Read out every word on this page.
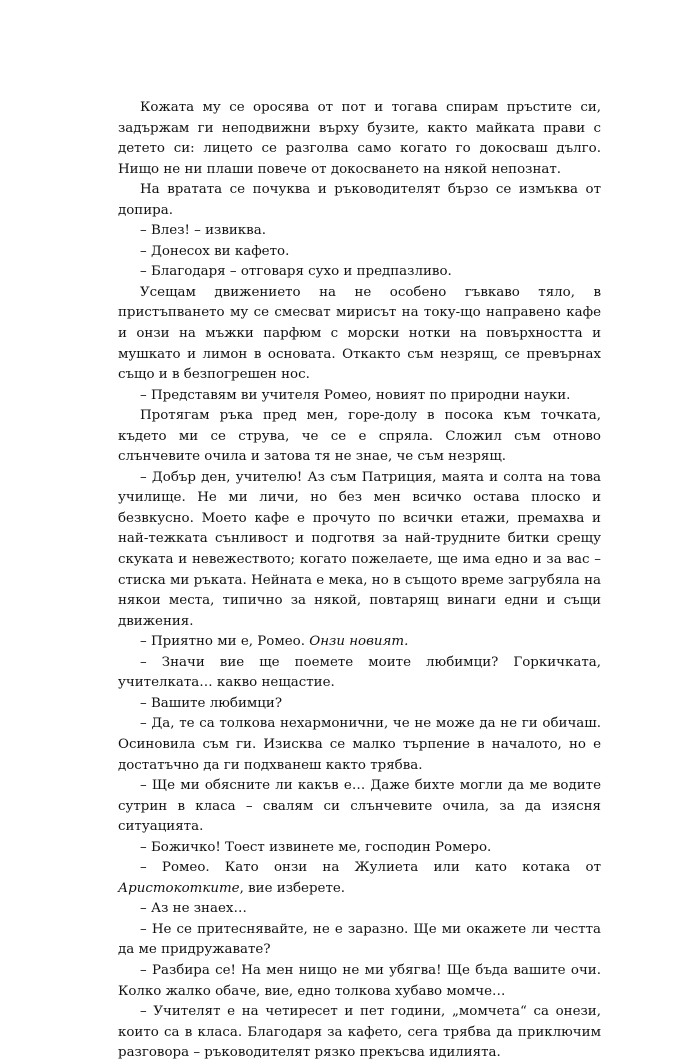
Кожата му се оросява от пот и тогава спирам пръстите си, задържам ги неподвижни върху бузите, както майката прави с детето си: лицето се разголва само когато го докосваш дълго. Нищо не ни плаши повече от докосването на някой непознат.

На вратата се почуква и ръководителят бързо се измъква от допира.

– Влез! – извиква.

– Донесох ви кафето.

– Благодаря – отговаря сухо и предпазливо.

Усещам движението на не особено гъвкаво тяло, в пристъпването му се смесват мирисът на току-що направено кафе и онзи на мъжки парфюм с морски нотки на повърхността и мушкато и лимон в основата. Откакто съм незрящ, се превърнах също и в безпогрешен нос.

– Представям ви учителя Ромео, новият по природни науки.

Протягам ръка пред мен, горе-долу в посока към точката, където ми се струва, че се е спряла. Сложил съм отново слънчевите очила и затова тя не знае, че съм незрящ.

– Добър ден, учителю! Аз съм Патриция, маята и солта на това училище. Не ми личи, но без мен всичко остава плоско и безвкусно. Моето кафе е прочуто по всички етажи, премахва и най-тежката сънливост и подготвя за най-трудните битки срещу скуката и невежеството; когато пожелаете, ще има едно и за вас – стиска ми ръката. Нейната е мека, но в същото време загрубяла на някои места, типично за някой, повтарящ винаги едни и същи движения.

– Приятно ми е, Ромео. Онзи новият.

– Значи вие ще поемете моите любимци? Горкичката, учителката… какво нещастие.

– Вашите любимци?

– Да, те са толкова нехармонични, че не може да не ги обичаш. Осиновила съм ги. Изисква се малко търпение в началото, но е достатъчно да ги подхванеш както трябва.

– Ще ми обясните ли какъв е… Даже бихте могли да ме водите сутрин в класа – свалям си слънчевите очила, за да изясня ситуацията.

– Божичко! Тоест извинете ме, господин Ромеро.

– Ромео. Като онзи на Жулиета или като котака от Аристокотките, вие изберете.

– Аз не знаех…

– Не се притеснявайте, не е заразно. Ще ми окажете ли честта да ме придружавате?

– Разбира се! На мен нищо не ми убягва! Ще бъда вашите очи. Колко жалко обаче, вие, едно толкова хубаво момче…

– Учителят е на четиресет и пет години, „момчета“ са онези, които са в класа. Благодаря за кафето, сега трябва да приключим разговора – ръководителят рязко прекъсва идилията.
